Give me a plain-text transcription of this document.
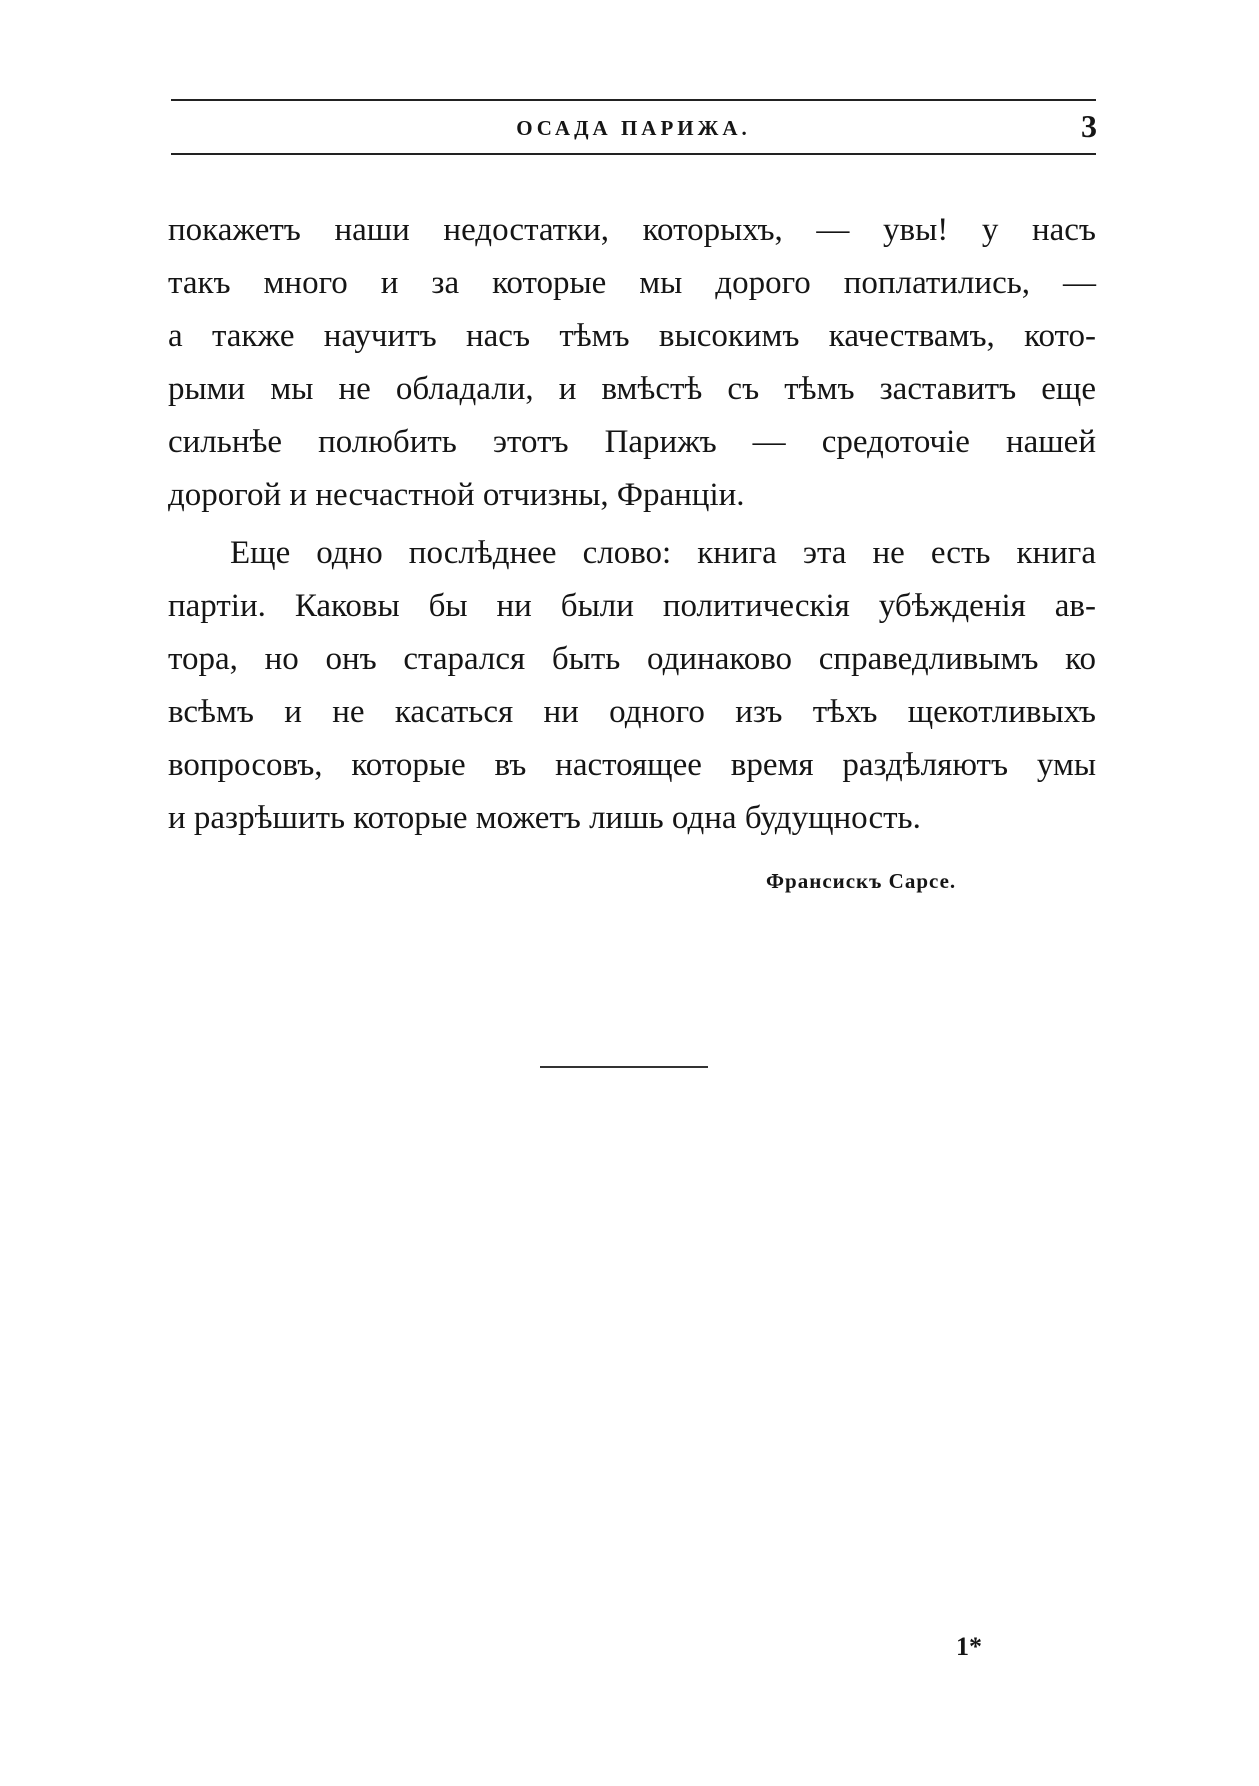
ОСАДА ПАРИЖА.	3
покажетъ наши недостатки, которыхъ, — увы! у насъ
такъ много и за которые мы дорого поплатились, —
а также научитъ насъ тѣмъ высокимъ качествамъ, кото-
рыми мы не обладали, и вмѣстѣ съ тѣмъ заставитъ еще
сильнѣе полюбить этотъ Парижъ — средоточіе нашей
дорогой и несчастной отчизны, Франціи.
Еще одно послѣднее слово: книга эта не есть книга
партіи. Каковы бы ни были политическія убѣжденія ав-
тора, но онъ старался быть одинаково справедливымъ ко
всѣмъ и не касаться ни одного изъ тѣхъ щекотливыхъ
вопросовъ, которые въ настоящее время раздѣляютъ умы
и разрѣшить которые можетъ лишь одна будущность.
Франсискъ Сарсе.
1*
